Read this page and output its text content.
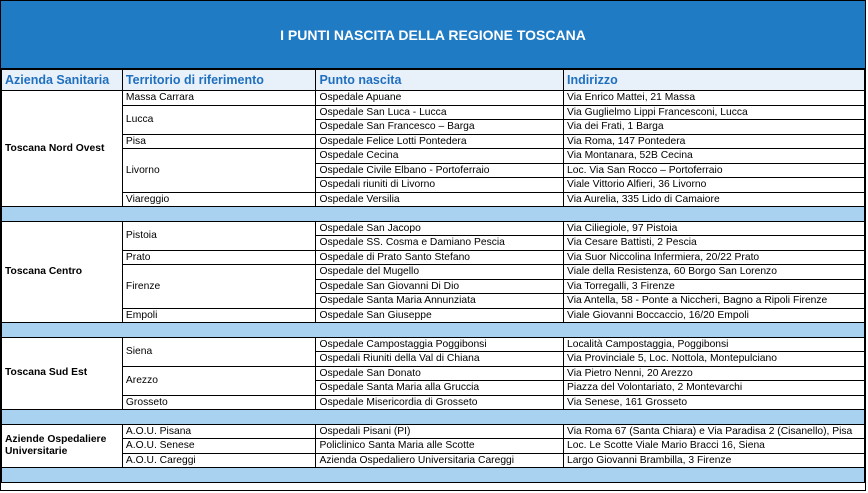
I PUNTI NASCITA DELLA REGIONE TOSCANA
Azienda Sanitaria	Territorio di riferimento	Punto nascita	Indirizzo
Toscana Nord Ovest	Massa Carrara	Ospedale Apuane	Via Enrico Mattei, 21 Massa
	Lucca	Ospedale San Luca - Lucca	Via Guglielmo Lippi Francesconi, Lucca
		Ospedale San Francesco – Barga	Via dei Frati, 1 Barga
	Pisa	Ospedale Felice Lotti Pontedera	Via Roma, 147 Pontedera
	Livorno	Ospedale Cecina	Via Montanara, 52B Cecina
		Ospedale Civile Elbano - Portoferraio	Loc. Via San Rocco – Portoferraio
		Ospedali riuniti di Livorno	Viale Vittorio Alfieri, 36 Livorno
	Viareggio	Ospedale Versilia	Via Aurelia, 335 Lido di Camaiore

Toscana Centro	Pistoia	Ospedale San Jacopo	Via Ciliegiole, 97 Pistoia
		Ospedale SS. Cosma e Damiano Pescia	Via Cesare Battisti, 2 Pescia
	Prato	Ospedale di Prato Santo Stefano	Via Suor Niccolina Infermiera, 20/22 Prato
	Firenze	Ospedale del Mugello	Viale della Resistenza, 60 Borgo San Lorenzo
		Ospedale San Giovanni Di Dio	Via Torregalli, 3 Firenze
		Ospedale Santa Maria Annunziata	Via Antella, 58 - Ponte a Niccheri, Bagno a Ripoli Firenze
	Empoli	Ospedale San Giuseppe	Viale Giovanni Boccaccio, 16/20 Empoli

Toscana Sud Est	Siena	Ospedale Campostaggia Poggibonsi	Località Campostaggia, Poggibonsi
		Ospedali Riuniti della Val di Chiana	Via Provinciale 5, Loc. Nottola, Montepulciano
	Arezzo	Ospedale San Donato	Via Pietro Nenni, 20 Arezzo
		Ospedale Santa Maria alla Gruccia	Piazza del Volontariato, 2 Montevarchi
	Grosseto	Ospedale Misericordia di Grosseto	Via Senese, 161 Grosseto

Aziende Ospedaliere Universitarie	A.O.U. Pisana	Ospedali Pisani (PI)	Via Roma 67 (Santa Chiara) e Via Paradisa 2 (Cisanello), Pisa
	A.O.U. Senese	Policlinico Santa Maria alle Scotte	Loc. Le Scotte Viale Mario Bracci 16, Siena
	A.O.U. Careggi	Azienda Ospedaliero Universitaria Careggi	Largo Giovanni Brambilla, 3 Firenze
